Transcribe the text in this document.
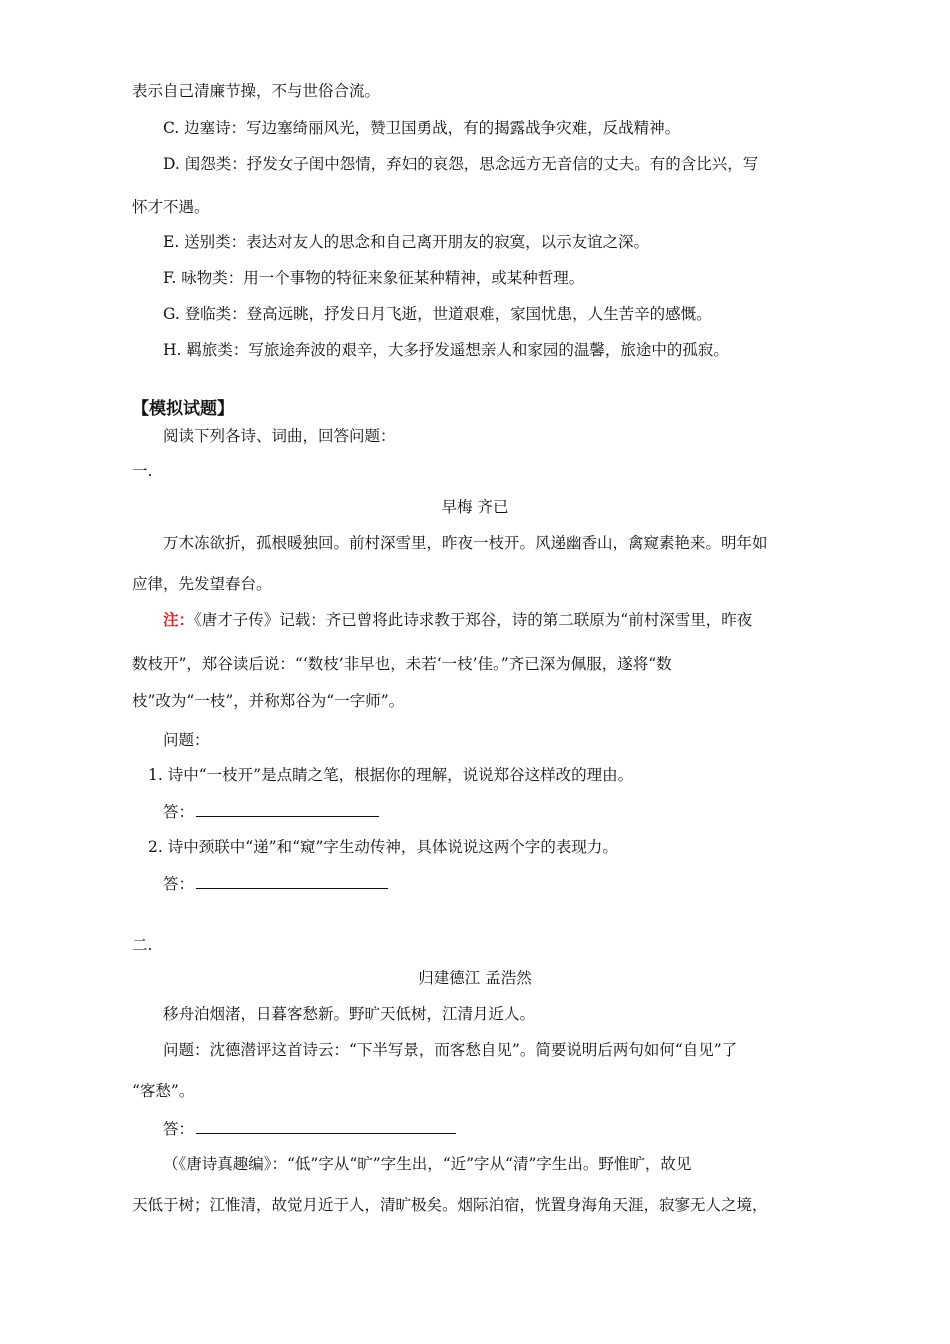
表示自己清廉节操，不与世俗合流。
C. 边塞诗：写边塞绮丽风光，赞卫国勇战，有的揭露战争灾难，反战精神。
D. 闺怨类：抒发女子闺中怨情，弃妇的哀怨，思念远方无音信的丈夫。有的含比兴，写
怀才不遇。
E. 送别类：表达对友人的思念和自己离开朋友的寂寞，以示友谊之深。
F. 咏物类：用一个事物的特征来象征某种精神，或某种哲理。
G. 登临类：登高远眺，抒发日月飞逝，世道艰难，家国忧患，人生苦辛的感慨。
H. 羁旅类：写旅途奔波的艰辛，大多抒发遥想亲人和家园的温馨，旅途中的孤寂。
【模拟试题】
阅读下列各诗、词曲，回答问题：
一.
早梅 齐已
万木冻欲折，孤根暖独回。前村深雪里，昨夜一枝开。风递幽香山，禽窥素艳来。明年如
应律，先发望春台。
注：《唐才子传》记载：齐已曾将此诗求教于郑谷，诗的第二联原为“前村深雪里，昨夜
数枝开”，郑谷读后说：“‘数枝’非早也，未若‘一枝’佳。”齐已深为佩服，遂将“数
枝”改为“一枝”，并称郑谷为“一字师”。
问题：
1. 诗中“一枝开”是点睛之笔，根据你的理解，说说郑谷这样改的理由。
答：
2. 诗中颈联中“递”和“窥”字生动传神，具体说说这两个字的表现力。
答：
二.
归建德江 孟浩然
移舟泊烟渚，日暮客愁新。野旷天低树，江清月近人。
问题：沈德潜评这首诗云：“下半写景，而客愁自见”。简要说明后两句如何“自见”了
“客愁”。
答：
（《唐诗真趣编》：“低”字从“旷”字生出，“近”字从“清”字生出。野惟旷，故见
天低于树；江惟清，故觉月近于人，清旷极矣。烟际泊宿，恍置身海角天涯，寂寥无人之境，
